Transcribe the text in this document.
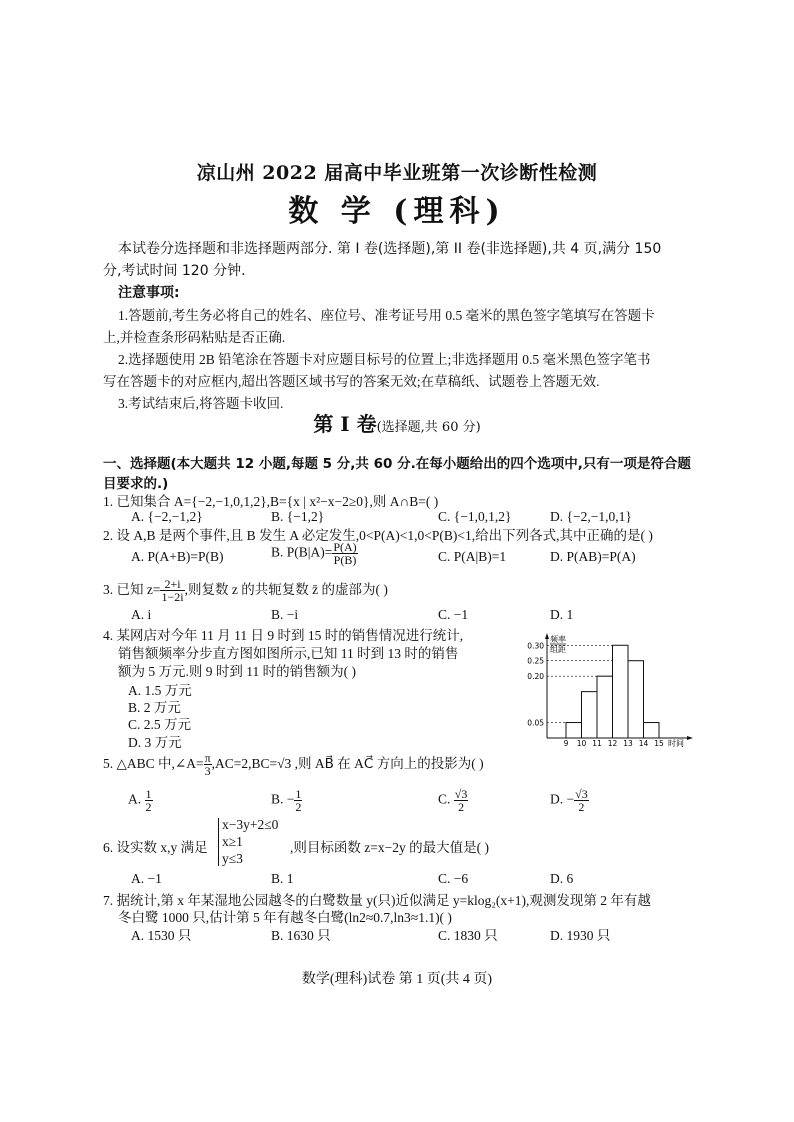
凉山州 2022 届高中毕业班第一次诊断性检测
数 学 (理科)
本试卷分选择题和非选择题两部分. 第 I 卷(选择题),第 II 卷(非选择题),共 4 页,满分 150
分,考试时间 120 分钟.
注意事项:
1.答题前,考生务必将自己的姓名、座位号、准考证号用 0.5 毫米的黑色签字笔填写在答题卡
上,并检查条形码粘贴是否正确.
2.选择题使用 2B 铅笔涂在答题卡对应题目标号的位置上;非选择题用 0.5 毫米黑色签字笔书
写在答题卡的对应框内,超出答题区域书写的答案无效;在草稿纸、试题卷上答题无效.
3.考试结束后,将答题卡收回.
第 I 卷(选择题,共 60 分)
一、选择题(本大题共 12 小题,每题 5 分,共 60 分.在每小题给出的四个选项中,只有一项是符合题
目要求的.)
1. 已知集合 A={−2,−1,0,1,2},B={x | x²−x−2≥0},则 A∩B=( )
A. {−2,−1,2}	B. {−1,2}	C. {−1,0,1,2}	D. {−2,−1,0,1}
2. 设 A,B 是两个事件,且 B 发生 A 必定发生,0<P(A)<1,0<P(B)<1,给出下列各式,其中正确的是( )
A. P(A+B)=P(B)	B. $P(B|A)= \frac{P(A)}{P(B)}$	C. P(A|B)=1	D. P(AB)=P(A)
3. 已知 $z= \frac{2+i}{1-2i}$ ,则复数 z 的共轭复数 z̄ 的虚部为( )
A. i	B. −i	C. −1	D. 1
4. 某网店对今年 11 月 11 日 9 时到 15 时的销售情况进行统计,
销售额频率分步直方图如图所示,已知 11 时到 13 时的销售
额为 5 万元.则 9 时到 11 时的销售额为( )
A. 1.5 万元
B. 2 万元
C. 2.5 万元
D. 3 万元
频率
组距
时间
0.30
0.25
0.20
0.05
9 10 11 12 13 14 15
5. △ABC 中,∠A= $\frac{\pi}{3} ,AC=2,BC=√3$ ,则 AB⃗ 在 AC⃗ 方向上的投影为( )
A. $\frac{1}{2}$	B. − $\frac{1}{2}$	C. $\frac{√3}{2}$	D. − $\frac{√3}{2}$
6. 设实数 x,y 满足
x−3y+2≤0
x≥1
y≤3
,则目标函数 z=x−2y 的最大值是( )
A. −1	B. 1	C. −6	D. 6
7. 据统计,第 x 年某湿地公园越冬的白鹭数量 y(只)近似满足 y=klog₂(x+1),观测发现第 2 年有越
冬白鹭 1000 只,估计第 5 年有越冬白鹭(ln2≈0.7,ln3≈1.1)( )
A. 1530 只	B. 1630 只	C. 1830 只	D. 1930 只
数学(理科)试卷 第 1 页(共 4 页)
